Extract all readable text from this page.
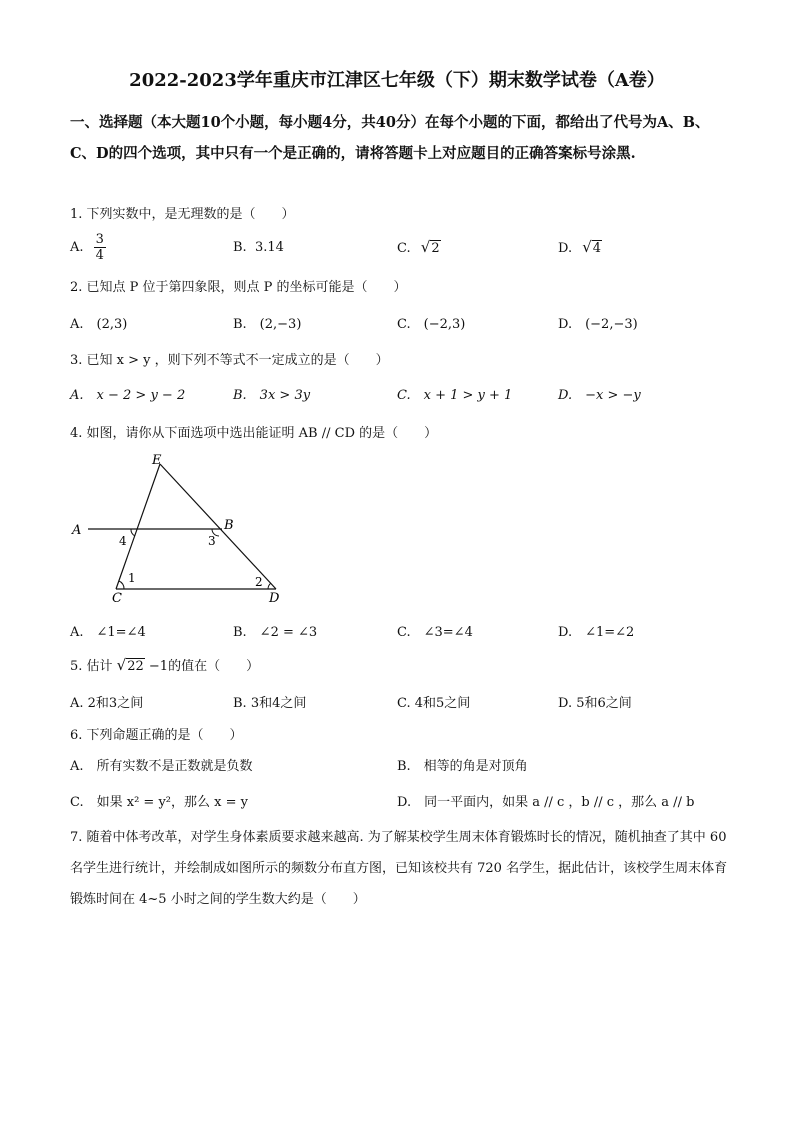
2022-2023学年重庆市江津区七年级（下）期末数学试卷（A卷）
一、选择题（本大题10个小题，每小题4分，共40分）在每个小题的下面，都给出了代号为A、B、C、D的四个选项，其中只有一个是正确的，请将答题卡上对应题目的正确答案标号涂黑.
1. 下列实数中，是无理数的是（　　）
A. $\frac{3}{4}$	B. 3.14	C. √2	D. √4
2. 已知点 P 位于第四象限，则点 P 的坐标可能是（　　）
A.　(2,3)	B.　(2,−3)	C.　(−2,3)	D.　(−2,−3)
3. 已知 x > y ，则下列不等式不一定成立的是（　　）
A.　x − 2 > y − 2	B.　3x > 3y	C.　x + 1 > y + 1	D.　−x > −y
4. 如图，请你从下面选项中选出能证明 AB // CD 的是（　　）
E
A	B
C	D
1	2
3
4
A.　∠1=∠4	B.　∠2 = ∠3	C.　∠3=∠4	D.　∠1=∠2
5. 估计 √22 −1的值在（　　）
A. 2和3之间	B. 3和4之间	C. 4和5之间	D. 5和6之间
6. 下列命题正确的是（　　）
A.　所有实数不是正数就是负数	B.　相等的角是对顶角
C.　如果 x² = y²，那么 x = y	D.　同一平面内，如果 a // c ，b // c ，那么 a // b
7. 随着中体考改革，对学生身体素质要求越来越高. 为了解某校学生周末体育锻炼时长的情况，随机抽查了其中 60 名学生进行统计，并绘制成如图所示的频数分布直方图，已知该校共有 720 名学生，据此估计，该校学生周末体育锻炼时间在 4~5 小时之间的学生数大约是（　　）
